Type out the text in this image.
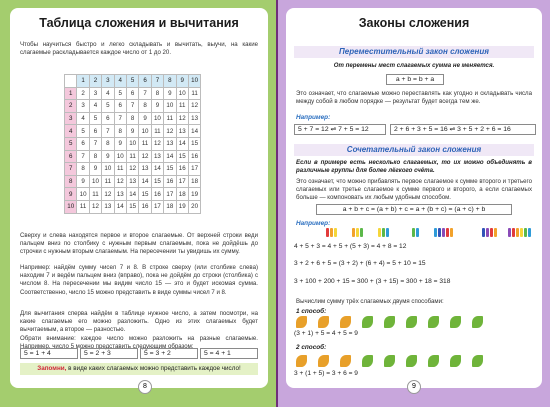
Таблица сложения и вычитания
Чтобы научиться быстро и легко складывать и вычитать, выучи, на какие слагаемые раскладывается каждое число от 1 до 20.
	1	2	3	4	5	6	7	8	9	10
1	2	3	4	5	6	7	8	9	10	11
2	3	4	5	6	7	8	9	10	11	12
3	4	5	6	7	8	9	10	11	12	13
4	5	6	7	8	9	10	11	12	13	14
5	6	7	8	9	10	11	12	13	14	15
6	7	8	9	10	11	12	13	14	15	16
7	8	9	10	11	12	13	14	15	16	17
8	9	10	11	12	13	14	15	16	17	18
9	10	11	12	13	14	15	16	17	18	19
10	11	12	13	14	15	16	17	18	19	20
Сверху и слева находятся первое и второе слагаемые. От верхней строки веди пальцем вниз по столбику с нужным первым слагаемым, пока не дойдёшь до строчки с нужным вторым слагаемым. На пересечении ты увидишь их сумму.
Например: найдём сумму чисел 7 и 8. В строке сверху (или столбике слева) находим 7 и ведём пальцем вниз (вправо), пока не дойдём до строки (столбика) с числом 8. На пересечении мы видим число 15 — это и будет искомая сумма. Соответственно, число 15 можно представить в виде суммы чисел 7 и 8.
Для вычитания сперва найдём в таблице нужное число, а затем посмотри, на какие слагаемые его можно разложить. Одно из этих слагаемых будет вычитаемым, а второе — разностью.
Обрати внимание: каждое число можно разложить на разные слагаемые. Например, число 5 можно представить следующим образом:
5 = 1 + 4	5 = 2 + 3	5 = 3 + 2	5 = 4 + 1
Запомни, в виде каких слагаемых можно представить каждое число!
8
Законы сложения
Переместительный закон сложения
От перемены мест слагаемых сумма не меняется.
a + b = b + a
Это означает, что слагаемые можно переставлять как угодно и складывать числа между собой в любом порядке — результат будет всегда тем же.
Например:
5 + 7 = 12 ⇌ 7 + 5 = 12	2 + 6 + 3 + 5 = 16 ⇌ 3 + 5 + 2 + 6 = 16
Сочетательный закон сложения
Если в примере есть несколько слагаемых, то их можно объединять в различные группы для более лёгкого счёта.
Это означает, что можно прибавлять первое слагаемое к сумме второго и третьего слагаемых или третье слагаемое к сумме первого и второго, а если слагаемых больше — компоновать их любым удобным способом.
a + b + c = (a + b) + c = a + (b + c) = (a + c) + b
Например:
4 + 5 + 3 = 4 + 5 + (5 + 3) = 4 + 8 = 12
3 + 2 + 6 + 5 = (3 + 2) + (6 + 4) = 5 + 10 = 15
3 + 100 + 200 + 15 = 300 + (3 + 15) = 300 + 18 = 318
Вычислим сумму трёх слагаемых двумя способами:
1 способ:
(3 + 1) + 5 = 4 + 5 = 9
2 способ:
3 + (1 + 5) = 3 + 6 = 9
9
